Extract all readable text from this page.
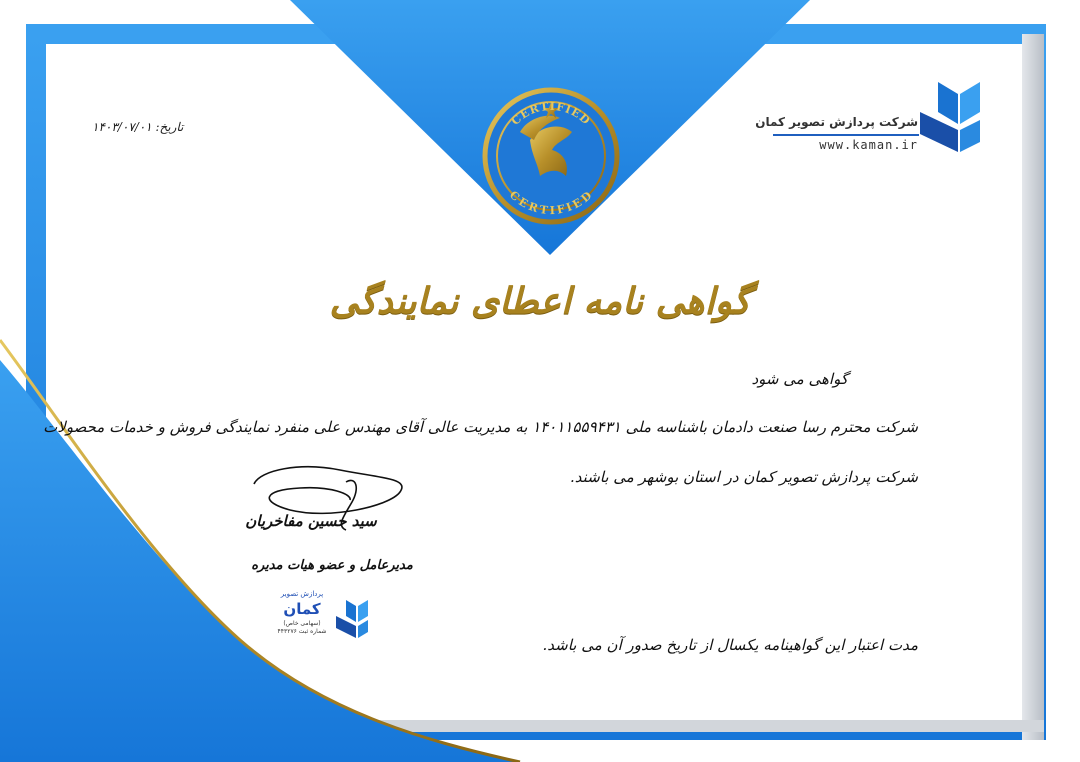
CERTIFIED
CERTIFIED
تاریخ: ۱۴۰۳/۰۷/۰۱	شرکت پردازش تصویر کمان
www.kaman.ir
گواهی نامه اعطای نمایندگی
گواهی می شود
شرکت محترم رسا صنعت دادمان باشناسه ملی ۱۴۰۱۱۵۵۹۴۳۱ به مدیریت عالی آقای مهندس علی منفرد نمایندگی فروش و خدمات محصولات
شرکت پردازش تصویر کمان در استان بوشهر می باشند.
مدت اعتبار این گواهینامه یکسال از تاریخ صدور آن می باشد.
سید حسین مفاخریان
مدیرعامل و عضو هیات مدیره
پردازش تصویر
کمان
(سهامی خاص)
شماره ثبت ۴۴۳۲۷۶
